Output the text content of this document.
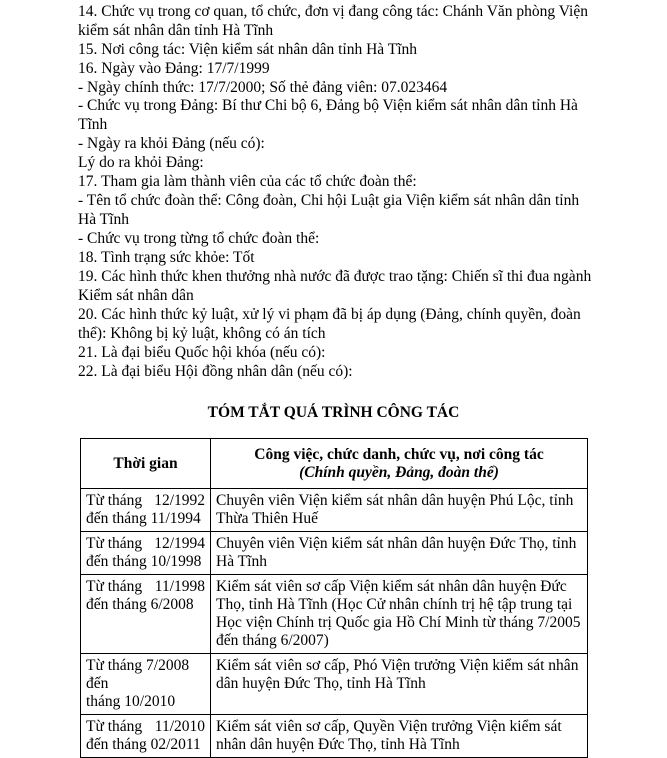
14. Chức vụ trong cơ quan, tổ chức, đơn vị đang công tác: Chánh Văn phòng Viện
kiểm sát nhân dân tỉnh Hà Tĩnh
15. Nơi công tác: Viện kiểm sát nhân dân tỉnh Hà Tĩnh
16. Ngày vào Đảng: 17/7/1999
- Ngày chính thức: 17/7/2000; Số thẻ đảng viên: 07.023464
- Chức vụ trong Đảng: Bí thư Chi bộ 6, Đảng bộ Viện kiểm sát nhân dân tỉnh Hà
Tĩnh
- Ngày ra khỏi Đảng (nếu có):
Lý do ra khỏi Đảng:
17. Tham gia làm thành viên của các tổ chức đoàn thể:
- Tên tổ chức đoàn thể: Công đoàn, Chi hội Luật gia Viện kiểm sát nhân dân tỉnh
Hà Tĩnh
- Chức vụ trong từng tổ chức đoàn thể:
18. Tình trạng sức khỏe: Tốt
19. Các hình thức khen thưởng nhà nước đã được trao tặng: Chiến sĩ thi đua ngành
Kiểm sát nhân dân
20. Các hình thức kỷ luật, xử lý vi phạm đã bị áp dụng (Đảng, chính quyền, đoàn
thể): Không bị kỷ luật, không có án tích
21. Là đại biểu Quốc hội khóa (nếu có):
22. Là đại biểu Hội đồng nhân dân (nếu có):
TÓM TẮT QUÁ TRÌNH CÔNG TÁC
Thời gian	Công việc, chức danh, chức vụ, nơi công tác
(Chính quyền, Đảng, đoàn thể)

Từ tháng 12/1992
đến tháng 11/1994	Chuyên viên Viện kiểm sát nhân dân huyện Phú Lộc, tỉnh Thừa Thiên Huế

Từ tháng 12/1994
đến tháng 10/1998	Chuyên viên Viện kiểm sát nhân dân huyện Đức Thọ, tỉnh Hà Tĩnh

Từ tháng 11/1998
đến tháng 6/2008	Kiểm sát viên sơ cấp Viện kiểm sát nhân dân huyện Đức Thọ, tỉnh Hà Tĩnh (Học Cử nhân chính trị hệ tập trung tại Học viện Chính trị Quốc gia Hồ Chí Minh từ tháng 7/2005 đến tháng 6/2007)

Từ tháng 7/2008 đến
tháng 10/2010	Kiểm sát viên sơ cấp, Phó Viện trưởng Viện kiểm sát nhân dân huyện Đức Thọ, tỉnh Hà Tĩnh

Từ tháng 11/2010
đến tháng 02/2011	Kiểm sát viên sơ cấp, Quyền Viện trưởng Viện kiểm sát nhân dân huyện Đức Thọ, tỉnh Hà Tĩnh
